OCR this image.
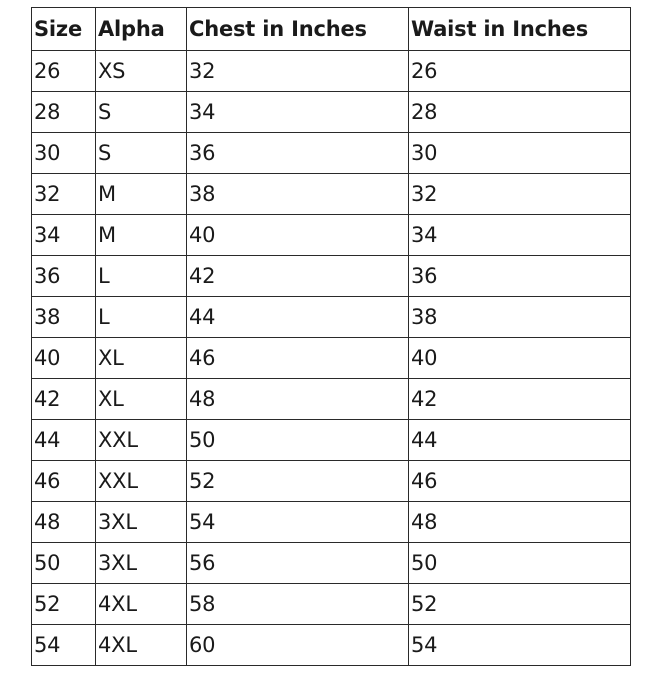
Size	Alpha	Chest in Inches	Waist in Inches
26	XS	32	26
28	S	34	28
30	S	36	30
32	M	38	32
34	M	40	34
36	L	42	36
38	L	44	38
40	XL	46	40
42	XL	48	42
44	XXL	50	44
46	XXL	52	46
48	3XL	54	48
50	3XL	56	50
52	4XL	58	52
54	4XL	60	54
